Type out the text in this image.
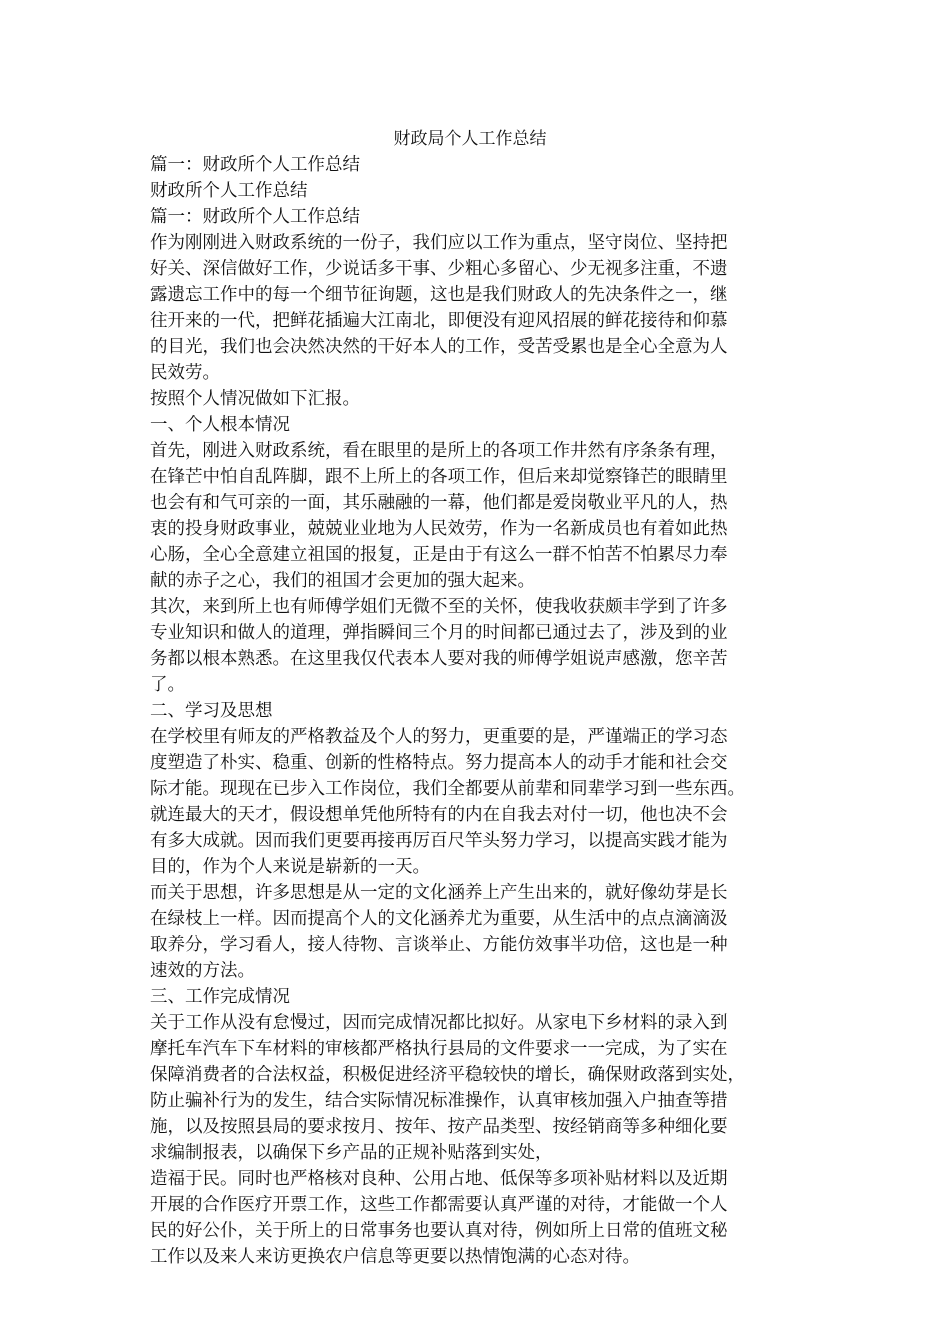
财政局个人工作总结

篇一：财政所个人工作总结

财政所个人工作总结

篇一：财政所个人工作总结

作为刚刚进入财政系统的一份子，我们应以工作为重点，坚守岗位、坚持把

好关、深信做好工作，少说话多干事、少粗心多留心、少无视多注重，不遗

露遗忘工作中的每一个细节征询题，这也是我们财政人的先决条件之一，继

往开来的一代，把鲜花插遍大江南北，即便没有迎风招展的鲜花接待和仰慕

的目光，我们也会决然决然的干好本人的工作，受苦受累也是全心全意为人

民效劳。

按照个人情况做如下汇报。

一、个人根本情况

首先，刚进入财政系统，看在眼里的是所上的各项工作井然有序条条有理，

在锋芒中怕自乱阵脚，跟不上所上的各项工作，但后来却觉察锋芒的眼睛里

也会有和气可亲的一面，其乐融融的一幕，他们都是爱岗敬业平凡的人，热

衷的投身财政事业，兢兢业业地为人民效劳，作为一名新成员也有着如此热

心肠，全心全意建立祖国的报复，正是由于有这么一群不怕苦不怕累尽力奉

献的赤子之心，我们的祖国才会更加的强大起来。

其次，来到所上也有师傅学姐们无微不至的关怀，使我收获颇丰学到了许多

专业知识和做人的道理，弹指瞬间三个月的时间都已通过去了，涉及到的业

务都以根本熟悉。在这里我仅代表本人要对我的师傅学姐说声感激，您辛苦

了。

二、学习及思想

在学校里有师友的严格教益及个人的努力，更重要的是，严谨端正的学习态

度塑造了朴实、稳重、创新的性格特点。努力提高本人的动手才能和社会交

际才能。现现在已步入工作岗位，我们全都要从前辈和同辈学习到一些东西。

就连最大的天才，假设想单凭他所特有的内在自我去对付一切，他也决不会

有多大成就。因而我们更要再接再厉百尺竿头努力学习，以提高实践才能为

目的，作为个人来说是崭新的一天。

而关于思想，许多思想是从一定的文化涵养上产生出来的，就好像幼芽是长

在绿枝上一样。因而提高个人的文化涵养尤为重要，从生活中的点点滴滴汲

取养分，学习看人，接人待物、言谈举止、方能仿效事半功倍，这也是一种

速效的方法。

三、工作完成情况

关于工作从没有怠慢过，因而完成情况都比拟好。从家电下乡材料的录入到

摩托车汽车下车材料的审核都严格执行县局的文件要求一一完成，为了实在

保障消费者的合法权益，积极促进经济平稳较快的增长，确保财政落到实处，

防止骗补行为的发生，结合实际情况标准操作，认真审核加强入户抽查等措

施，以及按照县局的要求按月、按年、按产品类型、按经销商等多种细化要

求编制报表，以确保下乡产品的正规补贴落到实处，

造福于民。同时也严格核对良种、公用占地、低保等多项补贴材料以及近期

开展的合作医疗开票工作，这些工作都需要认真严谨的对待，才能做一个人

民的好公仆，关于所上的日常事务也要认真对待，例如所上日常的值班文秘

工作以及来人来访更换农户信息等更要以热情饱满的心态对待。
